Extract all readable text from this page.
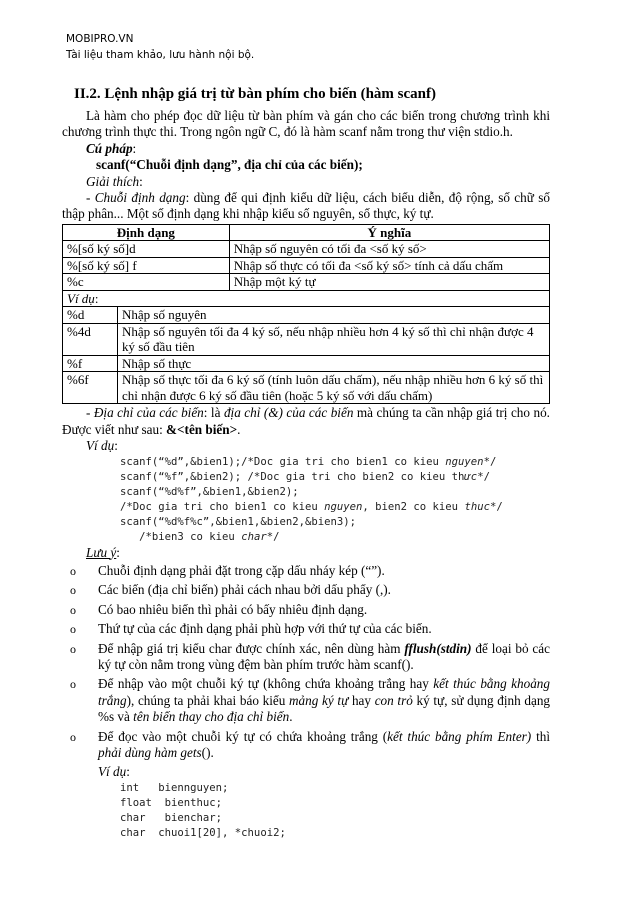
MOBIPRO.VN
Tài liệu tham khảo, lưu hành nội bộ.
II.2. Lệnh nhập giá trị từ bàn phím cho biến (hàm scanf)

Là hàm cho phép đọc dữ liệu từ bàn phím và gán cho các biến trong chương trình khi chương trình thực thi. Trong ngôn ngữ C, đó là hàm scanf nằm trong thư viện stdio.h.

Cú pháp:

scanf(“Chuỗi định dạng”, địa chỉ của các biến);

Giải thích:

- Chuỗi định dạng: dùng để qui định kiểu dữ liệu, cách biểu diễn, độ rộng, số chữ số thập phân... Một số định dạng khi nhập kiểu số nguyên, số thực, ký tự.

Định dạng		Ý nghĩa
%[số ký số]d		Nhập số nguyên có tối đa <số ký số>
%[số ký số] f		Nhập số thực có tối đa <số ký số> tính cả dấu chấm
%c		Nhập một ký tự
Ví dụ:		
%d	Nhập số nguyên	
%4d	Nhập số nguyên tối đa 4 ký số, nếu nhập nhiều hơn 4 ký số thì chỉ nhận được 4 ký số đầu tiên	
%f	Nhập số thực	
%6f	Nhập số thực tối đa 6 ký số (tính luôn dấu chấm), nếu nhập nhiều hơn 6 ký số thì chỉ nhận được 6 ký số đầu tiên (hoặc 5 ký số với dấu chấm)	

- Địa chỉ của các biến: là địa chỉ (&) của các biến mà chúng ta cần nhập giá trị cho nó. Được viết như sau: &<tên biến>.

Ví dụ:

scanf(“%d”,&bien1);/*Doc gia tri cho bien1 co kieu nguyen*/
scanf(“%f”,&bien2); /*Doc gia tri cho bien2 co kieu thưc*/
scanf(“%d%f”,&bien1,&bien2);
/*Doc gia tri cho bien1 co kieu nguyen, bien2 co kieu thuc*/
scanf(“%d%f%c”,&bien1,&bien2,&bien3);
/*bien3 co kieu char*/

Lưu ý:

o Chuỗi định dạng phải đặt trong cặp dấu nháy kép (“”).
o Các biến (địa chỉ biến) phải cách nhau bởi dấu phẩy (,).
o Có bao nhiêu biến thì phải có bấy nhiêu định dạng.
o Thứ tự của các định dạng phải phù hợp với thứ tự của các biến.
o Để nhập giá trị kiểu char được chính xác, nên dùng hàm fflush(stdin) để loại bỏ các ký tự còn nằm trong vùng đệm bàn phím trước hàm scanf().
o Để nhập vào một chuỗi ký tự (không chứa khoảng trắng hay kết thúc bằng khoảng trắng), chúng ta phải khai báo kiểu mảng ký tự hay con trỏ ký tự, sử dụng định dạng %s và tên biến thay cho địa chỉ biến.
o Để đọc vào một chuỗi ký tự có chứa khoảng trắng (kết thúc bằng phím Enter) thì phải dùng hàm gets().

Ví dụ:

int   biennguyen;
float  bienthuc;
char   bienchar;
char  chuoi1[20], *chuoi2;
